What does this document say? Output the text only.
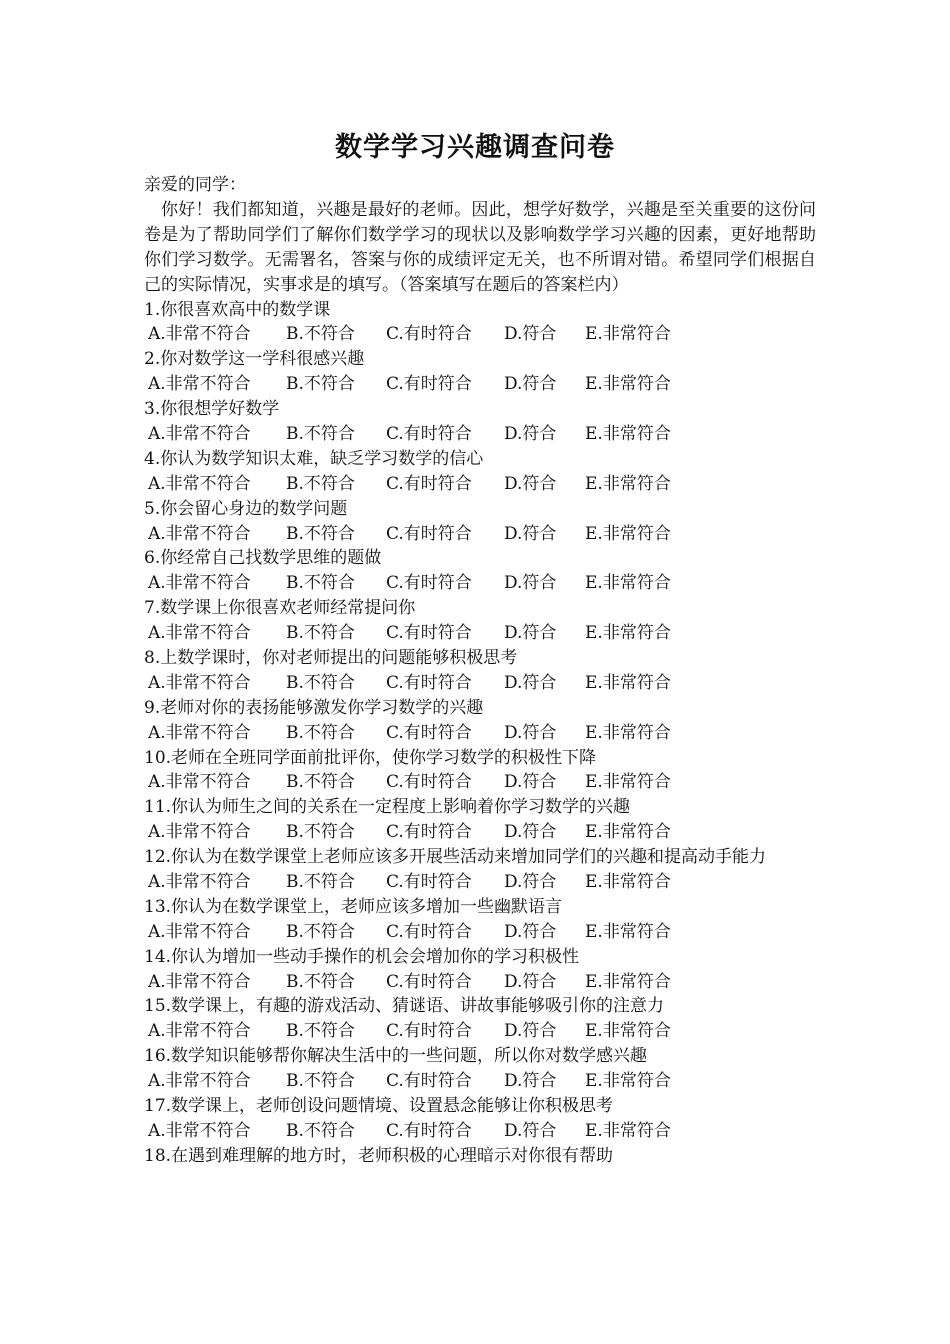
数学学习兴趣调查问卷
亲爱的同学：
你好！我们都知道，兴趣是最好的老师。因此，想学好数学，兴趣是至关重要的这份问卷是为了帮助同学们了解你们数学学习的现状以及影响数学学习兴趣的因素，更好地帮助你们学习数学。无需署名，答案与你的成绩评定无关，也不所谓对错。希望同学们根据自己的实际情况，实事求是的填写。（答案填写在题后的答案栏内）
1.你很喜欢高中的数学课
A.非常不符合	B.不符合	C.有时符合	D.符合	E.非常符合
2.你对数学这一学科很感兴趣
A.非常不符合	B.不符合	C.有时符合	D.符合	E.非常符合
3.你很想学好数学
A.非常不符合	B.不符合	C.有时符合	D.符合	E.非常符合
4.你认为数学知识太难，缺乏学习数学的信心
A.非常不符合	B.不符合	C.有时符合	D.符合	E.非常符合
5.你会留心身边的数学问题
A.非常不符合	B.不符合	C.有时符合	D.符合	E.非常符合
6.你经常自己找数学思维的题做
A.非常不符合	B.不符合	C.有时符合	D.符合	E.非常符合
7.数学课上你很喜欢老师经常提问你
A.非常不符合	B.不符合	C.有时符合	D.符合	E.非常符合
8.上数学课时，你对老师提出的问题能够积极思考
A.非常不符合	B.不符合	C.有时符合	D.符合	E.非常符合
9.老师对你的表扬能够激发你学习数学的兴趣
A.非常不符合	B.不符合	C.有时符合	D.符合	E.非常符合
10.老师在全班同学面前批评你，使你学习数学的积极性下降
A.非常不符合	B.不符合	C.有时符合	D.符合	E.非常符合
11.你认为师生之间的关系在一定程度上影响着你学习数学的兴趣
A.非常不符合	B.不符合	C.有时符合	D.符合	E.非常符合
12.你认为在数学课堂上老师应该多开展些活动来增加同学们的兴趣和提高动手能力
A.非常不符合	B.不符合	C.有时符合	D.符合	E.非常符合
13.你认为在数学课堂上，老师应该多增加一些幽默语言
A.非常不符合	B.不符合	C.有时符合	D.符合	E.非常符合
14.你认为增加一些动手操作的机会会增加你的学习积极性
A.非常不符合	B.不符合	C.有时符合	D.符合	E.非常符合
15.数学课上，有趣的游戏活动、猜谜语、讲故事能够吸引你的注意力
A.非常不符合	B.不符合	C.有时符合	D.符合	E.非常符合
16.数学知识能够帮你解决生活中的一些问题，所以你对数学感兴趣
A.非常不符合	B.不符合	C.有时符合	D.符合	E.非常符合
17.数学课上，老师创设问题情境、设置悬念能够让你积极思考
A.非常不符合	B.不符合	C.有时符合	D.符合	E.非常符合
18.在遇到难理解的地方时，老师积极的心理暗示对你很有帮助
